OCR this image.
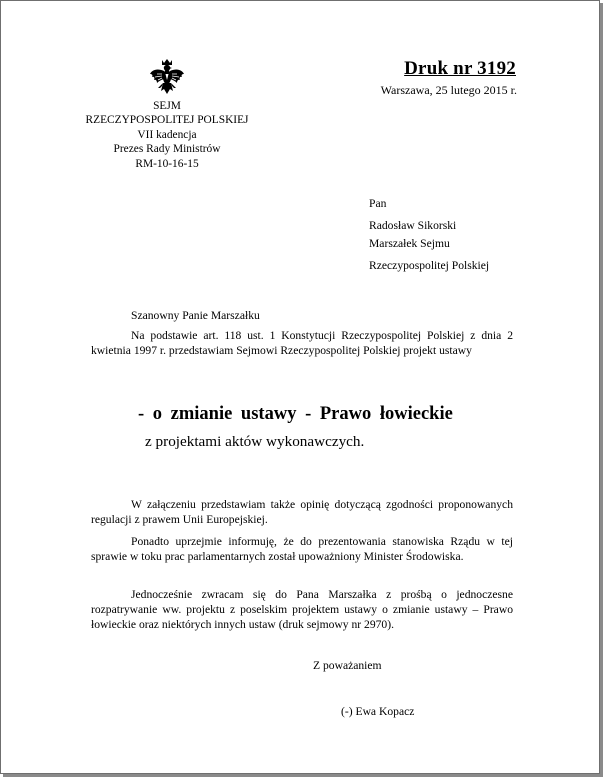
SEJM
RZECZYPOSPOLITEJ POLSKIEJ
VII kadencja
Prezes Rady Ministrów
RM-10-16-15
Druk nr 3192
Warszawa, 25 lutego 2015 r.
Pan
Radosław Sikorski
Marszałek Sejmu
Rzeczypospolitej Polskiej
Szanowny Panie Marszałku
Na podstawie art. 118 ust. 1 Konstytucji Rzeczypospolitej Polskiej z dnia 2 kwietnia 1997 r. przedstawiam Sejmowi Rzeczypospolitej Polskiej projekt ustawy
- o zmianie ustawy - Prawo łowieckie
z projektami aktów wykonawczych.
W załączeniu przedstawiam także opinię dotyczącą zgodności proponowanych regulacji z prawem Unii Europejskiej.
Ponadto uprzejmie informuję, że do prezentowania stanowiska Rządu w tej sprawie w toku prac parlamentarnych został upoważniony Minister Środowiska.
Jednocześnie zwracam się do Pana Marszałka z prośbą o jednoczesne rozpatrywanie ww. projektu z poselskim projektem ustawy o zmianie ustawy – Prawo łowieckie oraz niektórych innych ustaw (druk sejmowy nr 2970).
Z poważaniem
(-) Ewa Kopacz
